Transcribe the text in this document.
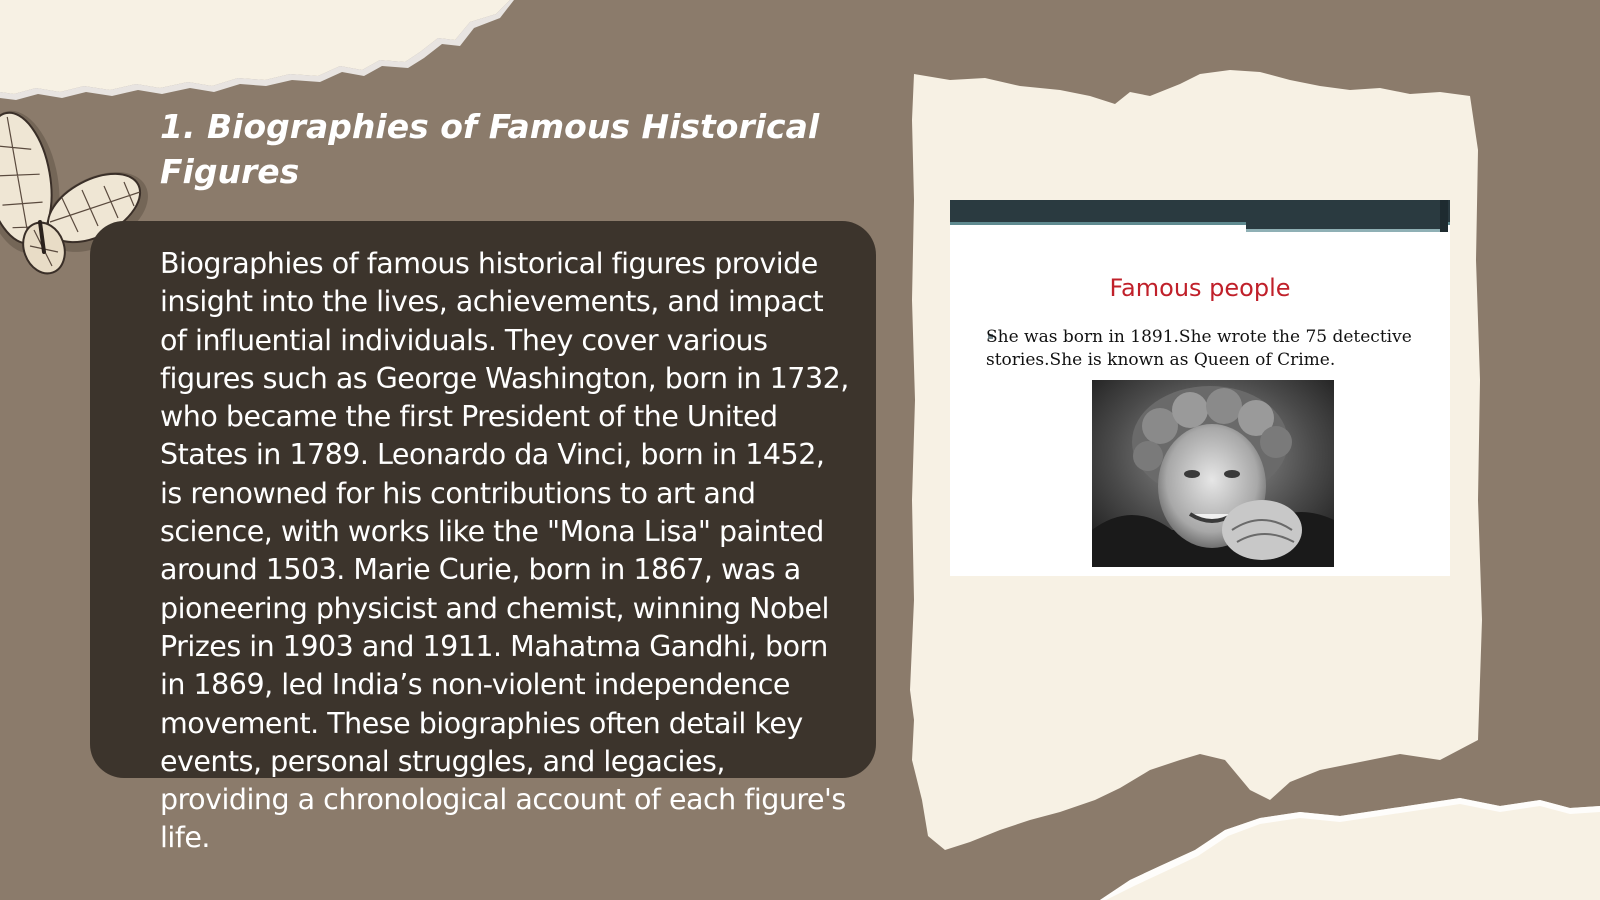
1. Biographies of Famous Historical Figures

Biographies of famous historical figures provide insight into the lives, achievements, and impact of influential individuals. They cover various figures such as George Washington, born in 1732, who became the first President of the United States in 1789. Leonardo da Vinci, born in 1452, is renowned for his contributions to art and science, with works like the "Mona Lisa" painted around 1503. Marie Curie, born in 1867, was a pioneering physicist and chemist, winning Nobel Prizes in 1903 and 1911. Mahatma Gandhi, born in 1869, led India’s non-violent independence movement. These biographies often detail key events, personal struggles, and legacies, providing a chronological account of each figure's life.

Famous people

She was born in 1891.She wrote the 75 detective stories.She is known as Queen of Crime.
